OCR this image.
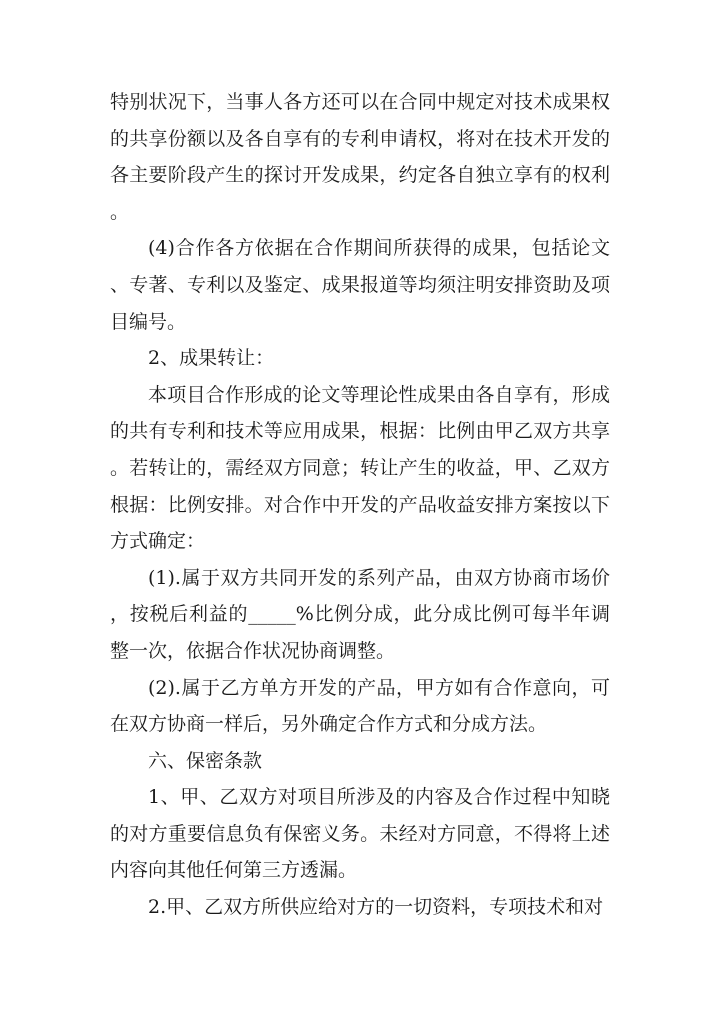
特别状况下，当事人各方还可以在合同中规定对技术成果权的共享份额以及各自享有的专利申请权，将对在技术开发的各主要阶段产生的探讨开发成果，约定各自独立享有的权利。

(4)合作各方依据在合作期间所获得的成果，包括论文、专著、专利以及鉴定、成果报道等均须注明安排资助及项目编号。

2、成果转让：

本项目合作形成的论文等理论性成果由各自享有，形成的共有专利和技术等应用成果，根据：比例由甲乙双方共享。若转让的，需经双方同意；转让产生的收益，甲、乙双方根据：比例安排。对合作中开发的产品收益安排方案按以下方式确定：

(1).属于双方共同开发的系列产品，由双方协商市场价，按税后利益的_____%比例分成，此分成比例可每半年调整一次，依据合作状况协商调整。

(2).属于乙方单方开发的产品，甲方如有合作意向，可在双方协商一样后，另外确定合作方式和分成方法。

六、保密条款

1、甲、乙双方对项目所涉及的内容及合作过程中知晓的对方重要信息负有保密义务。未经对方同意，不得将上述内容向其他任何第三方透漏。

2.甲、乙双方所供应给对方的一切资料，专项技术和对
